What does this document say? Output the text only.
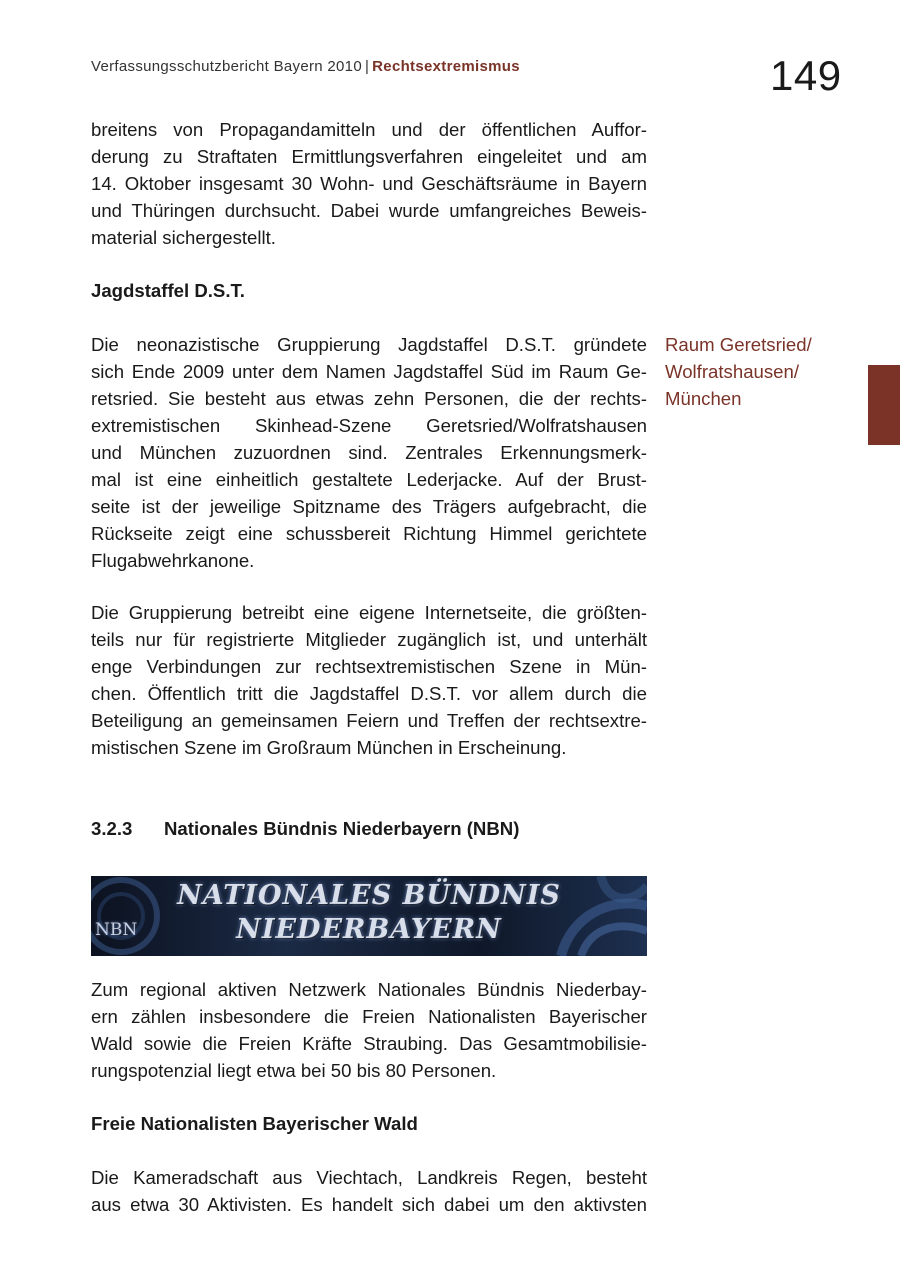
Verfassungsschutzbericht Bayern 2010 | Rechtsextremismus	149
breitens von Propagandamitteln und der öffentlichen Auffor-
derung zu Straftaten Ermittlungsverfahren eingeleitet und am
14. Oktober insgesamt 30 Wohn- und Geschäftsräume in Bayern
und Thüringen durchsucht. Dabei wurde umfangreiches Beweis-
material sichergestellt.
Jagdstaffel D.S.T.
Die neonazistische Gruppierung Jagdstaffel D.S.T. gründete
sich Ende 2009 unter dem Namen Jagdstaffel Süd im Raum Ge-
retsried. Sie besteht aus etwas zehn Personen, die der rechts-
extremistischen Skinhead-Szene Geretsried/Wolfratshausen
und München zuzuordnen sind. Zentrales Erkennungsmerk-
mal ist eine einheitlich gestaltete Lederjacke. Auf der Brust-
seite ist der jeweilige Spitzname des Trägers aufgebracht, die
Rückseite zeigt eine schussbereit Richtung Himmel gerichtete
Flugabwehrkanone.
Raum Geretsried/
Wolfratshausen/
München
Die Gruppierung betreibt eine eigene Internetseite, die größten-
teils nur für registrierte Mitglieder zugänglich ist, und unterhält
enge Verbindungen zur rechtsextremistischen Szene in Mün-
chen. Öffentlich tritt die Jagdstaffel D.S.T. vor allem durch die
Beteiligung an gemeinsamen Feiern und Treffen der rechtsextre-
mistischen Szene im Großraum München in Erscheinung.
3.2.3 Nationales Bündnis Niederbayern (NBN)
NATIONALES BÜNDNIS
NIEDERBAYERN
NBN
Zum regional aktiven Netzwerk Nationales Bündnis Niederbay-
ern zählen insbesondere die Freien Nationalisten Bayerischer
Wald sowie die Freien Kräfte Straubing. Das Gesamtmobilisie-
rungspotenzial liegt etwa bei 50 bis 80 Personen.
Freie Nationalisten Bayerischer Wald
Die Kameradschaft aus Viechtach, Landkreis Regen, besteht
aus etwa 30 Aktivisten. Es handelt sich dabei um den aktivsten
